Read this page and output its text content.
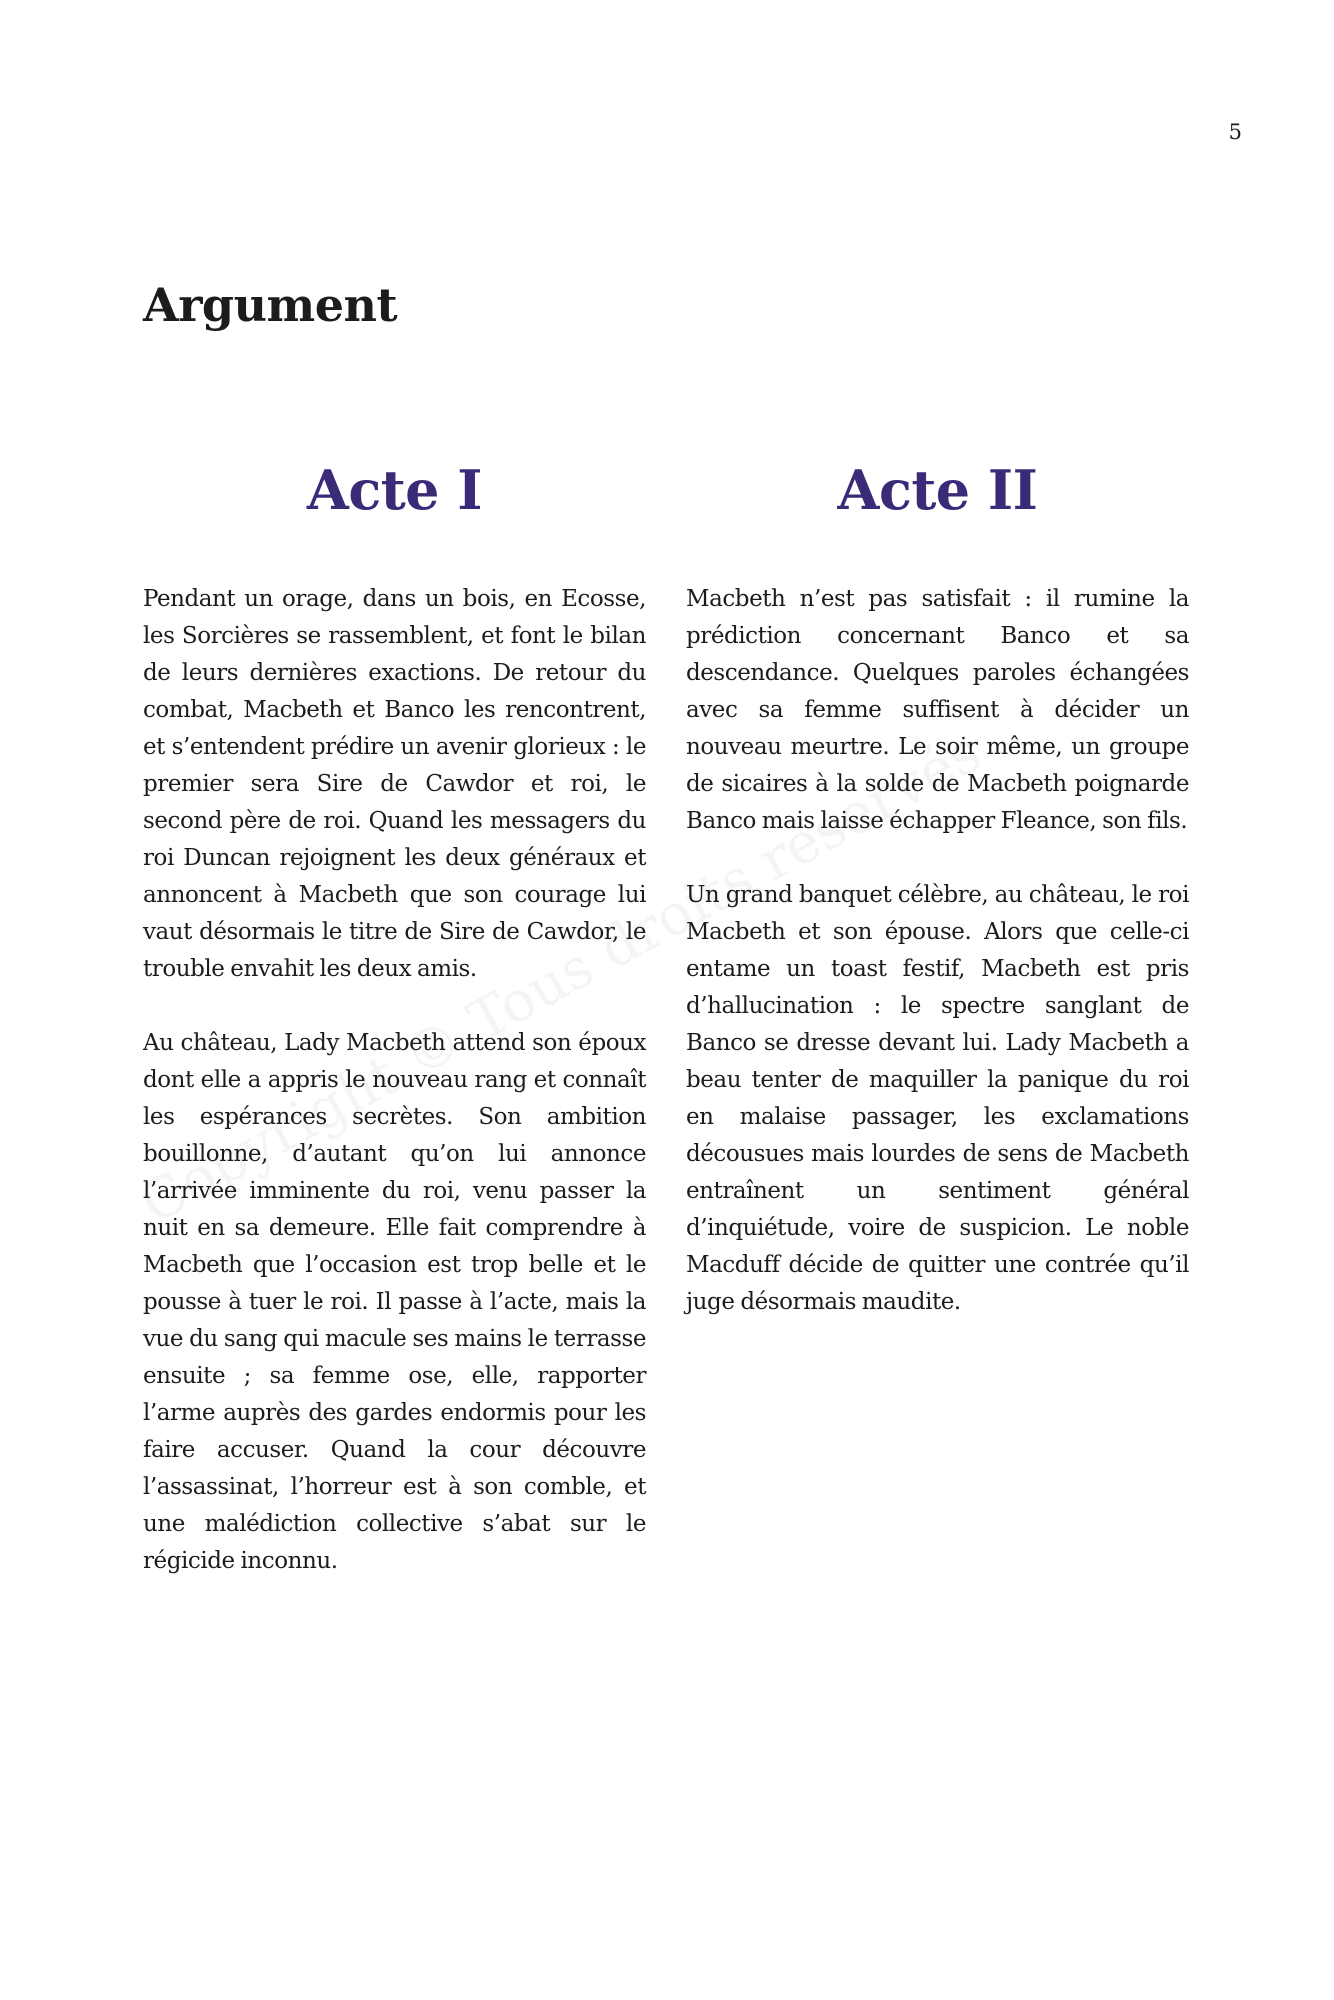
5
Argument
Acte I

Pendant un orage, dans un bois, en Ecosse, les Sorcières se rassemblent, et font le bilan de leurs dernières exactions. De retour du combat, Macbeth et Banco les rencontrent, et s’entendent prédire un avenir glorieux : le premier sera Sire de Cawdor et roi, le second père de roi. Quand les messagers du roi Duncan rejoignent les deux généraux et annoncent à Macbeth que son courage lui vaut désormais le titre de Sire de Cawdor, le trouble envahit les deux amis.

Au château, Lady Macbeth attend son époux dont elle a appris le nouveau rang et connaît les espérances secrètes. Son ambition bouillonne, d’autant qu’on lui annonce l’arrivée imminente du roi, venu passer la nuit en sa demeure. Elle fait comprendre à Macbeth que l’occasion est trop belle et le pousse à tuer le roi. Il passe à l’acte, mais la vue du sang qui macule ses mains le terrasse ensuite ; sa femme ose, elle, rapporter l’arme auprès des gardes endormis pour les faire accuser. Quand la cour découvre l’assassinat, l’horreur est à son comble, et une malédiction collective s’abat sur le régicide inconnu.

Acte II

Macbeth n’est pas satisfait : il rumine la prédiction concernant Banco et sa descendance. Quelques paroles échangées avec sa femme suffisent à décider un nouveau meurtre. Le soir même, un groupe de sicaires à la solde de Macbeth poignarde Banco mais laisse échapper Fleance, son fils.

Un grand banquet célèbre, au château, le roi Macbeth et son épouse. Alors que celle-ci entame un toast festif, Macbeth est pris d’hallucination : le spectre sanglant de Banco se dresse devant lui. Lady Macbeth a beau tenter de maquiller la panique du roi en malaise passager, les exclamations décousues mais lourdes de sens de Macbeth entraînent un sentiment général d’inquiétude, voire de suspicion. Le noble Macduff décide de quitter une contrée qu’il juge désormais maudite.
